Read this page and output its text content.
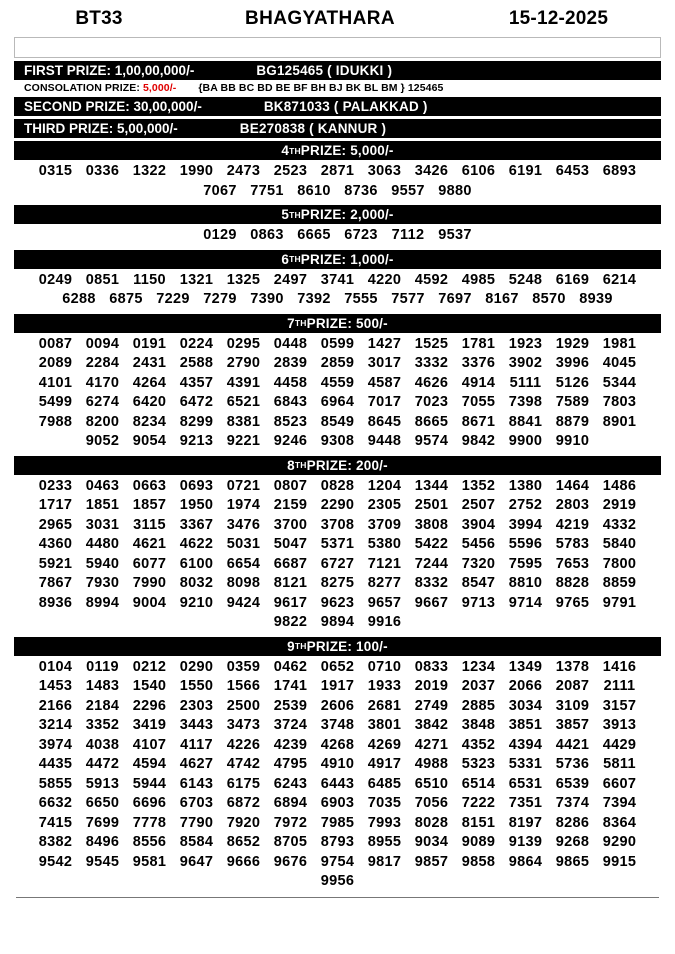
BT33	BHAGYATHARA	15-12-2025
FIRST PRIZE: 1,00,00,000/-	BG125465 ( IDUKKI )
CONSOLATION PRIZE: 5,000/- {BA BB BC BD BE BF BH BJ BK BL BM } 125465
SECOND PRIZE: 30,00,000/-	BK871033 ( PALAKKAD )
THIRD PRIZE: 5,00,000/-	BE270838 ( KANNUR )
4 TH PRIZE: 5,000/-
0315 0336 1322 1990 2473 2523 2871 3063 3426 6106 6191 6453 6893
7067 7751 8610 8736 9557 9880
5 TH PRIZE: 2,000/-
0129 0863 6665 6723 7112 9537
6 TH PRIZE: 1,000/-
0249 0851 1150 1321 1325 2497 3741 4220 4592 4985 5248 6169 6214
6288 6875 7229 7279 7390 7392 7555 7577 7697 8167 8570 8939
7 TH PRIZE: 500/-
0087 0094 0191 0224 0295 0448 0599 1427 1525 1781 1923 1929 1981
2089 2284 2431 2588 2790 2839 2859 3017 3332 3376 3902 3996 4045
4101 4170 4264 4357 4391 4458 4559 4587 4626 4914 5111 5126 5344
5499 6274 6420 6472 6521 6843 6964 7017 7023 7055 7398 7589 7803
7988 8200 8234 8299 8381 8523 8549 8645 8665 8671 8841 8879 8901
9052 9054 9213 9221 9246 9308 9448 9574 9842 9900 9910
8 TH PRIZE: 200/-
0233 0463 0663 0693 0721 0807 0828 1204 1344 1352 1380 1464 1486
1717 1851 1857 1950 1974 2159 2290 2305 2501 2507 2752 2803 2919
2965 3031 3115 3367 3476 3700 3708 3709 3808 3904 3994 4219 4332
4360 4480 4621 4622 5031 5047 5371 5380 5422 5456 5596 5783 5840
5921 5940 6077 6100 6654 6687 6727 7121 7244 7320 7595 7653 7800
7867 7930 7990 8032 8098 8121 8275 8277 8332 8547 8810 8828 8859
8936 8994 9004 9210 9424 9617 9623 9657 9667 9713 9714 9765 9791
9822 9894 9916
9 TH PRIZE: 100/-
0104 0119 0212 0290 0359 0462 0652 0710 0833 1234 1349 1378 1416
1453 1483 1540 1550 1566 1741 1917 1933 2019 2037 2066 2087 2111
2166 2184 2296 2303 2500 2539 2606 2681 2749 2885 3034 3109 3157
3214 3352 3419 3443 3473 3724 3748 3801 3842 3848 3851 3857 3913
3974 4038 4107 4117 4226 4239 4268 4269 4271 4352 4394 4421 4429
4435 4472 4594 4627 4742 4795 4910 4917 4988 5323 5331 5736 5811
5855 5913 5944 6143 6175 6243 6443 6485 6510 6514 6531 6539 6607
6632 6650 6696 6703 6872 6894 6903 7035 7056 7222 7351 7374 7394
7415 7699 7778 7790 7920 7972 7985 7993 8028 8151 8197 8286 8364
8382 8496 8556 8584 8652 8705 8793 8955 9034 9089 9139 9268 9290
9542 9545 9581 9647 9666 9676 9754 9817 9857 9858 9864 9865 9915
9956
